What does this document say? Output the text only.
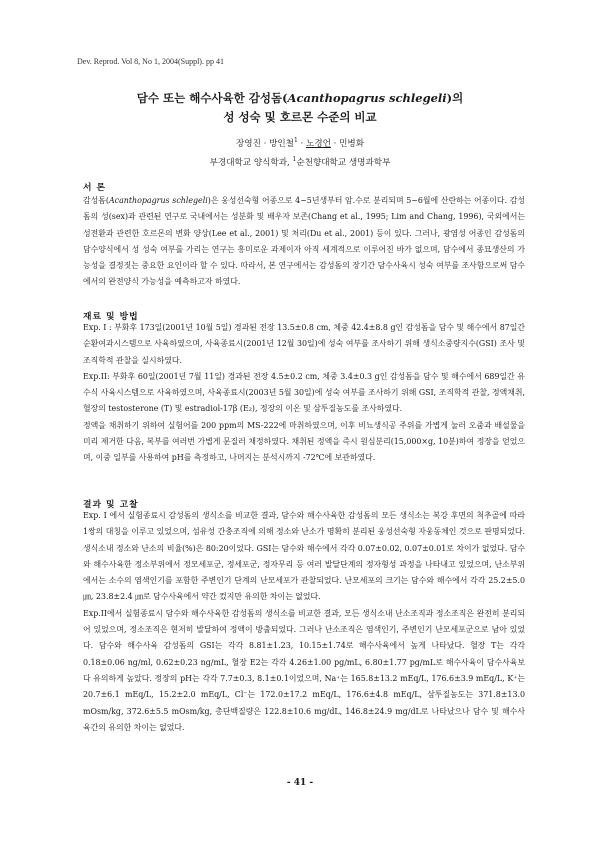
Dev. Reprod. Vol 8, No 1, 2004(Suppl). pp 41
담수 또는 해수사육한 감성돔(Acanthopagrus schlegeli)의
성 성숙 및 호르몬 수준의 비교
장영진 · 방인철$^1$ · 노경언 · 민병화
부경대학교 양식학과, $^1$순천향대학교 생명과학부
서 론

감성돔(Acanthopagrus schlegeli)은 웅성선숙형 어종으로 4~5년생부터 암.수로 분리되며 5~6월에 산란하는 어종이다. 감성돔의 성(sex)과 관련된 연구로 국내에서는 성분화 및 배우자 보존(Chang et al., 1995; Lim and Chang, 1996), 국외에서는 성전환과 관련한 호르몬의 변화 양상(Lee et al., 2001) 및 처리(Du et al., 2001) 등이 있다. 그러나, 광염성 어종인 감성돔의 담수양식에서 성 성숙 여부를 가리는 연구는 흥미로운 과제이자 아직 세계적으로 이루어진 바가 없으며, 담수에서 종묘생산의 가능성을 결정짓는 중요한 요인이라 할 수 있다. 따라서, 본 연구에서는 감성돔의 장기간 담수사육시 성숙 여부를 조사함으로써 담수에서의 완전양식 가능성을 예측하고자 하였다.

재료 및 방법

Exp. I : 부화후 173일(2001년 10월 5일) 경과된 전장 13.5±0.8 cm, 체중 42.4±8.8 g인 감성돔을 담수 및 해수에서 87일간 순환여과시스템으로 사육하였으며, 사육종료시(2001년 12월 30일)에 성숙 여부를 조사하기 위해 생식소중량지수(GSI) 조사 및 조직학적 관찰을 실시하였다.

Exp.II: 부화후 60일(2001년 7월 11일) 경과된 전장 4.5±0.2 cm, 체중 3.4±0.3 g인 감성돔을 담수 및 해수에서 689일간 유수식 사육시스템으로 사육하였으며, 사육종료시(2003년 5월 30일)에 성숙 여부를 조사하기 위해 GSI, 조직학적 관찰, 정액채취, 혈장의 testosterone (T) 및 estradiol-17β (E₂), 정장의 이온 및 삼투질농도를 조사하였다.

정액을 채취하기 위하여 실험어를 200 ppm의 MS-222에 마취하였으며, 이후 비뇨생식공 주위를 가볍게 눌러 오줌과 배설물을 미리 제거한 다음, 복부를 여러번 가볍게 문질러 채정하였다. 채취된 정액을 즉시 원심분리(15,000×g, 10분)하여 정장을 얻었으며, 이중 일부를 사용하여 pH를 측정하고, 나머지는 분석시까지 -72℃에 보관하였다.

결과 및 고찰

Exp. I 에서 실험종료시 감성돔의 생식소를 비교한 결과, 담수와 해수사육한 감성돔의 모든 생식소는 복강 후면의 척추골에 따라 1쌍의 대칭을 이루고 있었으며, 섬유성 간충조직에 의해 정소와 난소가 명확히 분리된 웅성선숙형 자웅동체인 것으로 판명되었다. 생식소내 정소와 난소의 비율(%)은 80:20이었다. GSI는 담수와 해수에서 각각 0.07±0.02, 0.07±0.01로 차이가 없었다. 담수와 해수사육한 정소부위에서 정모세포군, 정세포군, 정자무리 등 여러 발달단계의 정자형성 과정을 나타내고 있었으며, 난소부위에서는 소수의 염색인기를 포함한 주변인기 단계의 난모세포가 관찰되었다. 난모세포의 크기는 담수와 해수에서 각각 25.2±5.0 ㎛, 23.8±2.4 ㎛로 담수사육에서 약간 컸지만 유의한 차이는 없었다.

Exp.II에서 실험종료시 담수와 해수사육한 감성돔의 생식소를 비교한 결과, 모든 생식소내 난소조직과 정소조직은 완전히 분리되어 있었으며, 정소조직은 현저히 발달하여 정액이 방출되었다. 그러나 난소조직은 염색인기, 주변인기 난모세포군으로 남아 있었다. 담수와 해수사육 감성돔의 GSI는 각각 8.81±1.23, 10.15±1.74로 해수사육에서 높게 나타났다. 혈장 T는 각각 0.18±0.06 ng/ml, 0.62±0.23 ng/mL, 혈장 E2는 각각 4.26±1.00 pg/mL, 6.80±1.77 pg/mL로 해수사육이 담수사육보다 유의하게 높았다. 정장의 pH는 각각 7.7±0.3, 8.1±0.1이었으며, Na⁺는 165.8±13.2 mEq/L, 176.6±3.9 mEq/L, K⁺는 20.7±6.1 mEq/L, 15.2±2.0 mEq/L, Cl⁻는 172.0±17.2 mEq/L, 176.6±4.8 mEq/L, 삼투질농도는 371.8±13.0 mOsm/kg, 372.6±5.5 mOsm/kg, 총단백질량은 122.8±10.6 mg/dL, 146.8±24.9 mg/dL로 나타났으나 담수 및 해수사육간의 유의한 차이는 없었다.

- 41 -
